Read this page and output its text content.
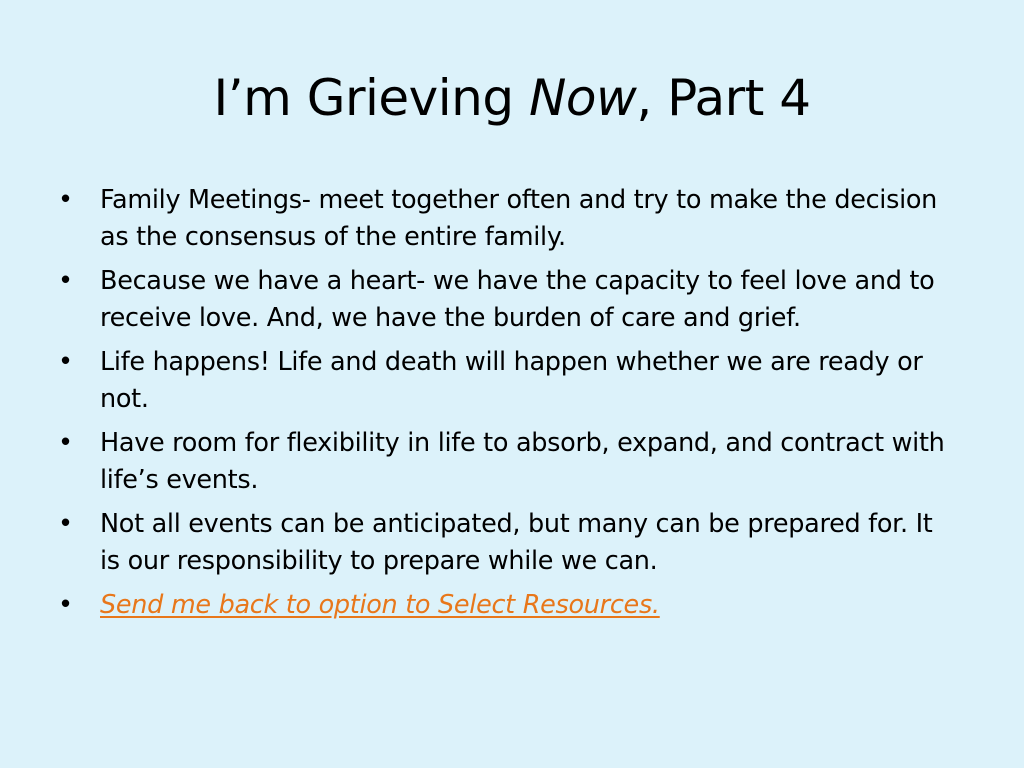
I’m Grieving Now, Part 4
• Family Meetings- meet together often and try to make the decision as the consensus of the entire family.
• Because we have a heart- we have the capacity to feel love and to receive love. And, we have the burden of care and grief.
• Life happens! Life and death will happen whether we are ready or not.
• Have room for flexibility in life to absorb, expand, and contract with life’s events.
• Not all events can be anticipated, but many can be prepared for. It is our responsibility to prepare while we can.
• Send me back to option to Select Resources.
